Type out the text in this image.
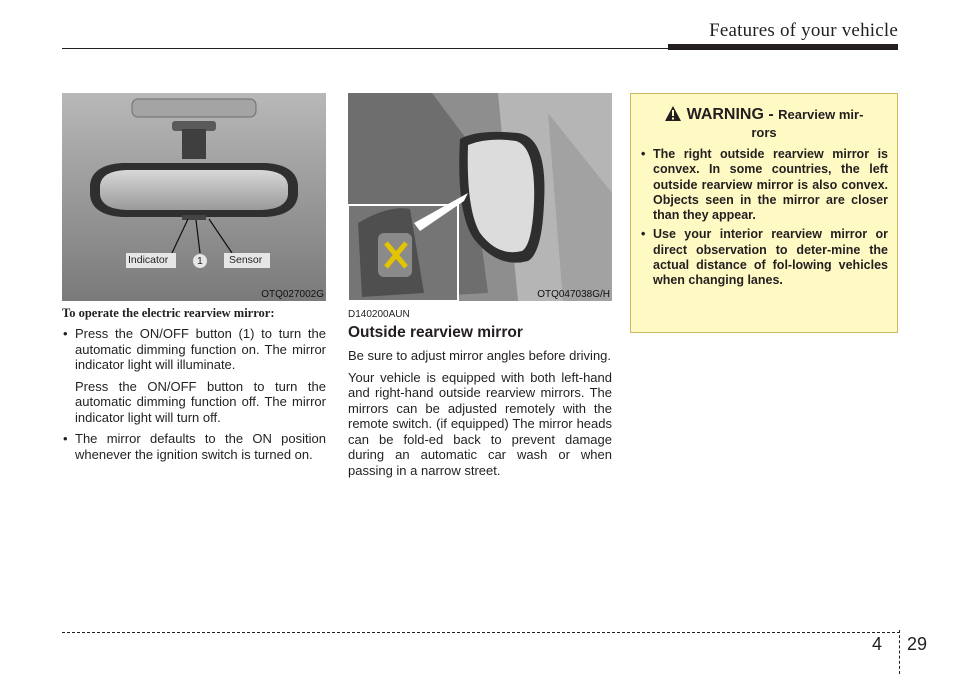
Features of your vehicle
Indicator	1 Sensor
OTQ027002G	OTQ047038G/H
To operate the electric rearview mirror:
• Press the ON/OFF button (1) to turn the automatic dimming function on. The mirror indicator light will illuminate.
Press the ON/OFF button to turn the automatic dimming function off. The mirror indicator light will turn off.
• The mirror defaults to the ON position whenever the ignition switch is turned on.
D140200AUN
Outside rearview mirror
Be sure to adjust mirror angles before driving.
Your vehicle is equipped with both left-hand and right-hand outside rearview mirrors. The mirrors can be adjusted remotely with the remote switch. (if equipped) The mirror heads can be fold-ed back to prevent damage during an automatic car wash or when passing in a narrow street.
WARNING - Rearview mir-
rors
• The right outside rearview mirror is convex. In some countries, the left outside rearview mirror is also convex. Objects seen in the mirror are closer than they appear.
• Use your interior rearview mirror or direct observation to deter-mine the actual distance of fol-lowing vehicles when changing lanes.
4 29
